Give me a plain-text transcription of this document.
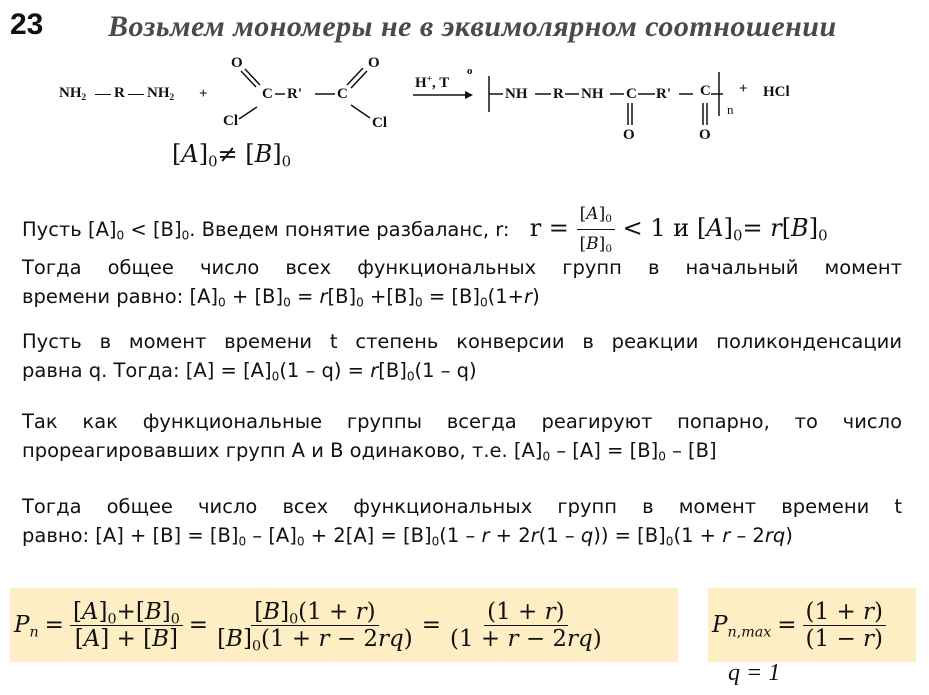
23 Возьмем мономеры не в эквимолярном соотношении
$NH_2$ R $NH_2$ +
O
C R' C
O
Cl	Cl
H+, T
o
NH R NH C R' C
O	O
n
+ HCl
$[𝐴]_0\ne$ $[𝐵]_0$
Пусть $[A]_0 < [B]_0$. Введем понятие разбаланс, r: $r = \frac{[𝐴]_0}{[𝐵]_0} < 1$ и $[𝐴]_0=$ $𝑟[𝐵]_0$
Тогда общее число всех функциональных групп в начальный момент
времени равно: $[A]_0 + [B]_0 = r[B]_0 +[B]_0 = [B]_0(1+r)$
Пусть в момент времени t степень конверсии в реакции поликонденсации
равна q. Тогда: $[A] = [A]_0(1 - q) = r[B]_0(1 - q)$
Так как функциональные группы всегда реагируют попарно, то число
прореагировавших групп A и B одинаково, т.е. $[A]_0 - [A] = [B]_0 - [B]$
Тогда общее число всех функциональных групп в момент времени t
равно: $[A] + [B] = [B]_0 - [A]_0 + 2[A] = [B]_0(1 - r + 2r(1 - q)) = [B]_0(1 + r - 2rq)$
𝑃$_𝑛$ = $\frac{[𝐴]_0+[𝐵]_0}{\text{[𝐴] + [𝐵]}} = \frac{[𝐵]_0(1 + 𝑟)}{[𝐵]_0(1 + 𝑟 - 2𝑟𝑞)} = \frac{\text{(1 + 𝑟)}}{\text{(1 + 𝑟 − 2𝑟𝑞)}}$	𝑃$_{𝑛,𝑚𝑎𝑥}$ = $\frac{\text{(1 + 𝑟)}}{\text{(1 − 𝑟)}}$
q = 1
